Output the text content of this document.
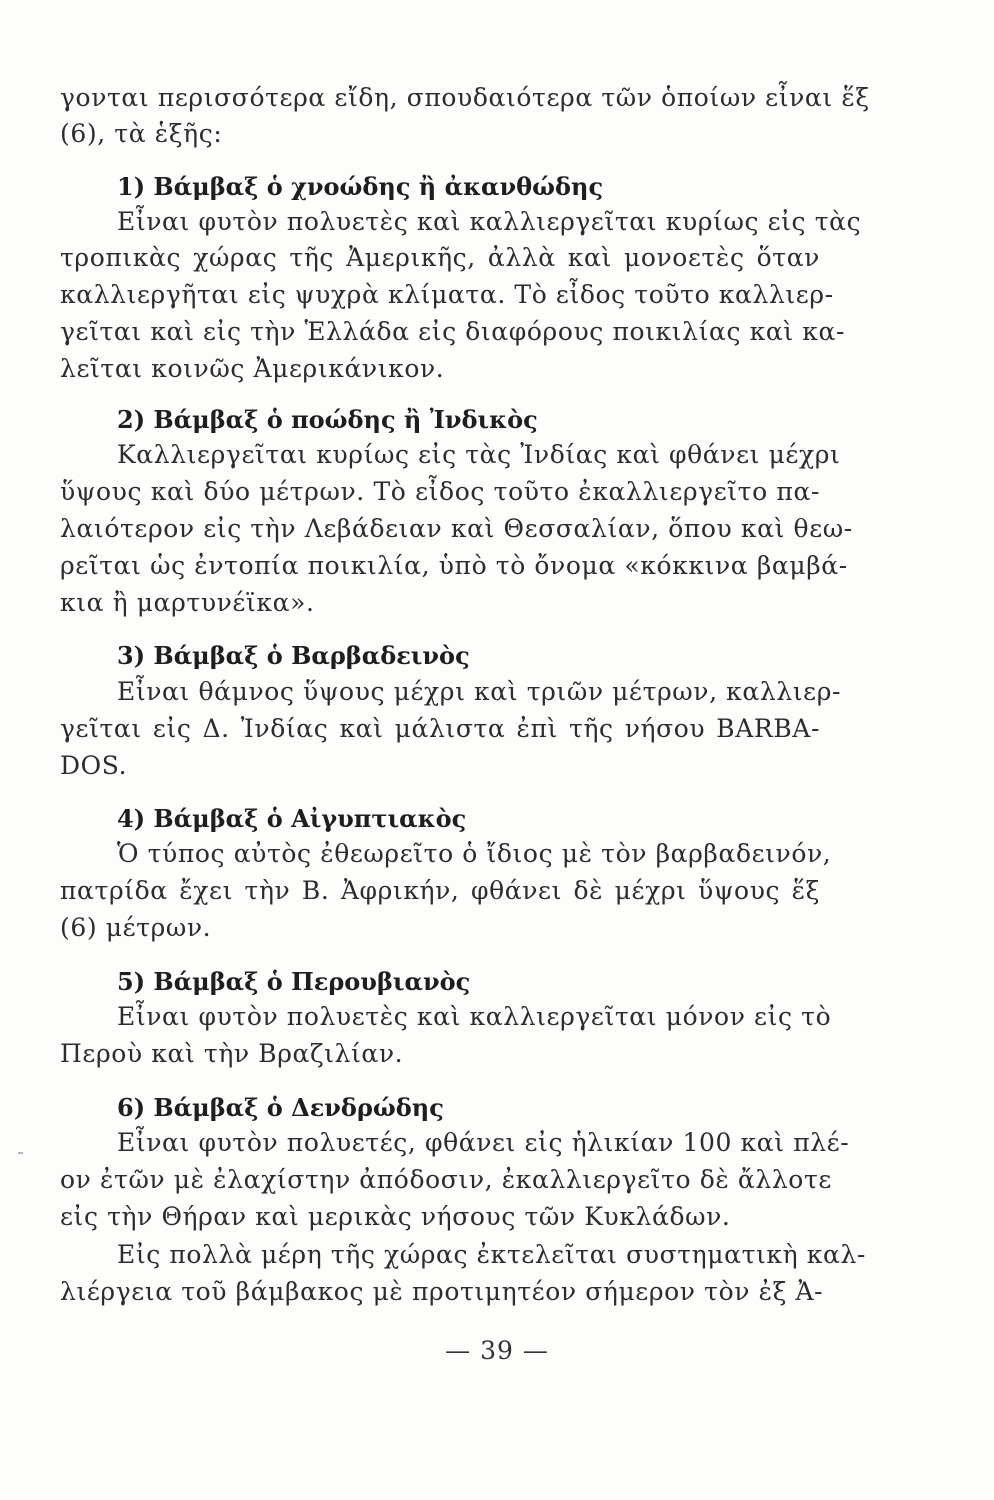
γονται περισσότερα εἴδη, σπουδαιότερα τῶν ὁποίων εἶναι ἕξ
(6), τὰ ἑξῆς:
1) Βάμβαξ ὁ χνοώδης ἢ ἀκανθώδης
Εἶναι φυτὸν πολυετὲς καὶ καλλιεργεῖται κυρίως εἰς τὰς
τροπικὰς χώρας τῆς Ἀμερικῆς, ἀλλὰ καὶ μονοετὲς ὅταν
καλλιεργῆται εἰς ψυχρὰ κλίματα. Τὸ εἶδος τοῦτο καλλιερ-
γεῖται καὶ εἰς τὴν Ἑλλάδα εἰς διαφόρους ποικιλίας καὶ κα-
λεῖται κοινῶς Ἀμερικάνικον.
2) Βάμβαξ ὁ ποώδης ἢ Ἰνδικὸς
Καλλιεργεῖται κυρίως εἰς τὰς Ἰνδίας καὶ φθάνει μέχρι
ὕψους καὶ δύο μέτρων. Τὸ εἶδος τοῦτο ἐκαλλιεργεῖτο πα-
λαιότερον εἰς τὴν Λεβάδειαν καὶ Θεσσαλίαν, ὅπου καὶ θεω-
ρεῖται ὡς ἐντοπία ποικιλία, ὑπὸ τὸ ὄνομα «κόκκινα βαμβά-
κια ἢ μαρτυνέϊκα».
3) Βάμβαξ ὁ Βαρβαδεινὸς
Εἶναι θάμνος ὕψους μέχρι καὶ τριῶν μέτρων, καλλιερ-
γεῖται εἰς Δ. Ἰνδίας καὶ μάλιστα ἐπὶ τῆς νήσου BARBA-
DOS.
4) Βάμβαξ ὁ Αἰγυπτιακὸς
Ὁ τύπος αὐτὸς ἐθεωρεῖτο ὁ ἴδιος μὲ τὸν βαρβαδεινόν,
πατρίδα ἔχει τὴν Β. Ἀφρικήν, φθάνει δὲ μέχρι ὕψους ἕξ
(6) μέτρων.
5) Βάμβαξ ὁ Περουβιανὸς
Εἶναι φυτὸν πολυετὲς καὶ καλλιεργεῖται μόνον εἰς τὸ
Περοὺ καὶ τὴν Βραζιλίαν.
6) Βάμβαξ ὁ Δενδρώδης
Εἶναι φυτὸν πολυετές, φθάνει εἰς ἡλικίαν 100 καὶ πλέ-
ον ἐτῶν μὲ ἐλαχίστην ἀπόδοσιν, ἐκαλλιεργεῖτο δὲ ἄλλοτε
εἰς τὴν Θήραν καὶ μερικὰς νήσους τῶν Κυκλάδων.
Εἰς πολλὰ μέρη τῆς χώρας ἐκτελεῖται συστηματικὴ καλ-
λιέργεια τοῦ βάμβακος μὲ προτιμητέον σήμερον τὸν ἐξ Ἀ-
— 39 —
